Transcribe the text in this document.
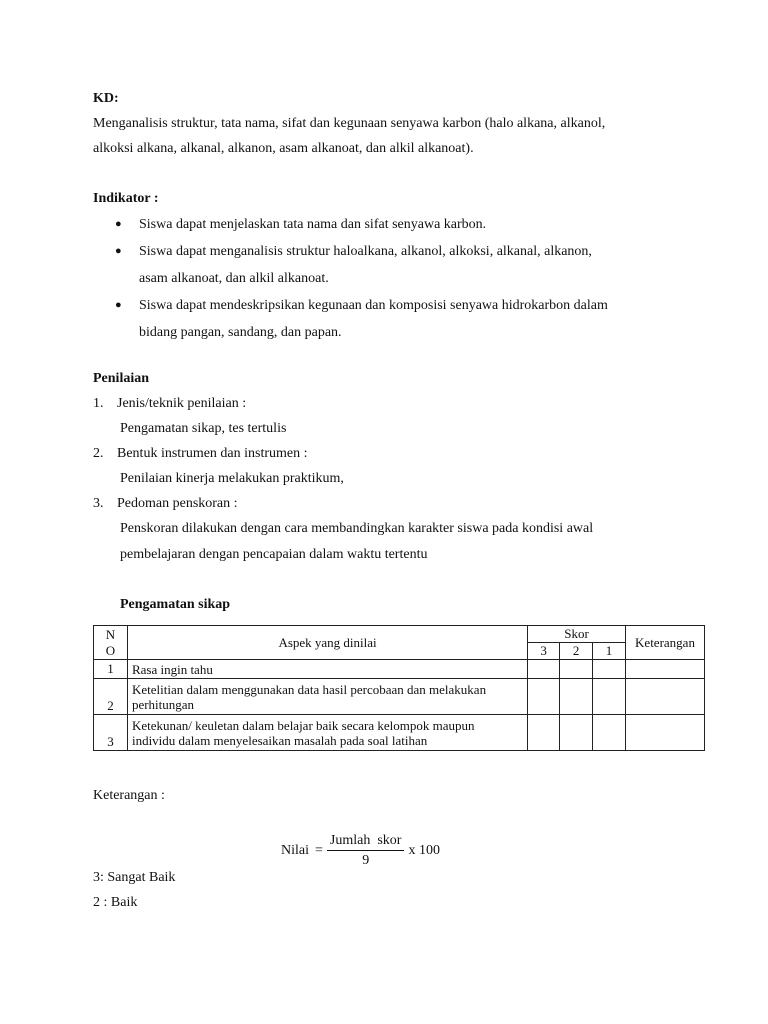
KD:
Menganalisis struktur, tata nama, sifat dan kegunaan senyawa karbon (halo alkana, alkanol,
alkoksi alkana, alkanal, alkanon, asam alkanoat, dan alkil alkanoat).
Indikator :
● Siswa dapat menjelaskan tata nama dan sifat senyawa karbon.
● Siswa dapat menganalisis struktur haloalkana, alkanol, alkoksi, alkanal, alkanon,
asam alkanoat, dan alkil alkanoat.
● Siswa dapat mendeskripsikan kegunaan dan komposisi senyawa hidrokarbon dalam
bidang pangan, sandang, dan papan.
Penilaian
1. Jenis/teknik penilaian :
Pengamatan sikap, tes tertulis
2. Bentuk instrumen dan instrumen :
Penilaian kinerja melakukan praktikum,
3. Pedoman penskoran :
Penskoran dilakukan dengan cara membandingkan karakter siswa pada kondisi awal
pembelajaran dengan pencapaian dalam waktu tertentu
Pengamatan sikap
N
O	Aspek yang dinilai	Skor			Keterangan
		3	2	1	
1	Rasa ingin tahu				

2	Ketelitian dalam menggunakan data hasil percobaan dan melakukan
perhitungan				

3	Ketekunan/ keuletan dalam belajar baik secara kelompok maupun
individu dalam menyelesaikan masalah pada soal latihan				

Keterangan :
Nilai = $\frac{\text{Jumlah  skor}}{9}$ x 100
3: Sangat Baik
2 : Baik
